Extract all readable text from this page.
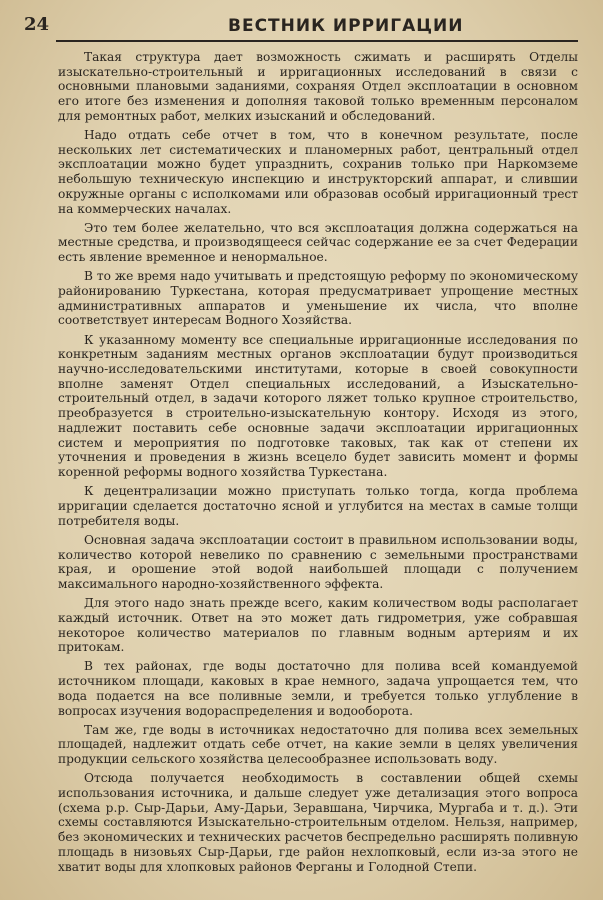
24	ВЕСТНИК ИРРИГАЦИИ

Такая структура дает возможность сжимать и расширять Отделы изыскательно-строительный и ирригационных исследований в связи с основными плановыми заданиями, сохраняя Отдел эксплоатации в основном его итоге без изменения и дополняя таковой только временным персоналом для ремонтных работ, мелких изысканий и обследований.

Надо отдать себе отчет в том, что в конечном результате, после нескольких лет систематических и планомерных работ, центральный отдел эксплоатации можно будет упразднить, сохранив только при Наркомземе небольшую техническую инспекцию и инструкторский аппарат, и слившии окружные органы с исполкомами или образовав особый ирригационный трест на коммерческих началах.

Это тем более желательно, что вся эксплоатация должна содержаться на местные средства, и производящееся сейчас содержание ее за счет Федерации есть явление временное и ненормальное.

В то же время надо учитывать и предстоящую реформу по экономическому районированию Туркестана, которая предусматривает упрощение местных административных аппаратов и уменьшение их числа, что вполне соответствует интересам Водного Хозяйства.

К указанному моменту все специальные ирригационные исследования по конкретным заданиям местных органов эксплоатации будут производиться научно-исследовательскими институтами, которые в своей совокупности вполне заменят Отдел специальных исследований, а Изыскательно-строительный отдел, в задачи которого ляжет только крупное строительство, преобразуется в строительно-изыскательную контору. Исходя из этого, надлежит поставить себе основные задачи эксплоатации ирригационных систем и мероприятия по подготовке таковых, так как от степени их уточнения и проведения в жизнь всецело будет зависить момент и формы коренной реформы водного хозяйства Туркестана.

К децентрализации можно приступать только тогда, когда проблема ирригации сделается достаточно ясной и углубится на местах в самые толщи потребителя воды.

Основная задача эксплоатации состоит в правильном использовании воды, количество которой невелико по сравнению с земельными пространствами края, и орошение этой водой наибольшей площади с получением максимального народно-хозяйственного эффекта.

Для этого надо знать прежде всего, каким количеством воды располагает каждый источник. Ответ на это может дать гидрометрия, уже собравшая некоторое количество материалов по главным водным артериям и их притокам.

В тех районах, где воды достаточно для полива всей командуемой источником площади, каковых в крае немного, задача упрощается тем, что вода подается на все поливные земли, и требуется только углубление в вопросах изучения водораспределения и водооборота.

Там же, где воды в источниках недостаточно для полива всех земельных площадей, надлежит отдать себе отчет, на какие земли в целях увеличения продукции сельского хозяйства целесообразнее использовать воду.

Отсюда получается необходимость в составлении общей схемы использования источника, и дальше следует уже детализация этого вопроса (схема р.р. Сыр-Дарьи, Аму-Дарьи, Зеравшана, Чирчика, Мургаба и т. д.). Эти схемы составляются Изыскательно-строительным отделом. Нельзя, например, без экономических и технических расчетов беспредельно расширять поливную площадь в низовьях Сыр-Дарьи, где район нехлопковый, если из-за этого не хватит воды для хлопковых районов Ферганы и Голодной Степи.
